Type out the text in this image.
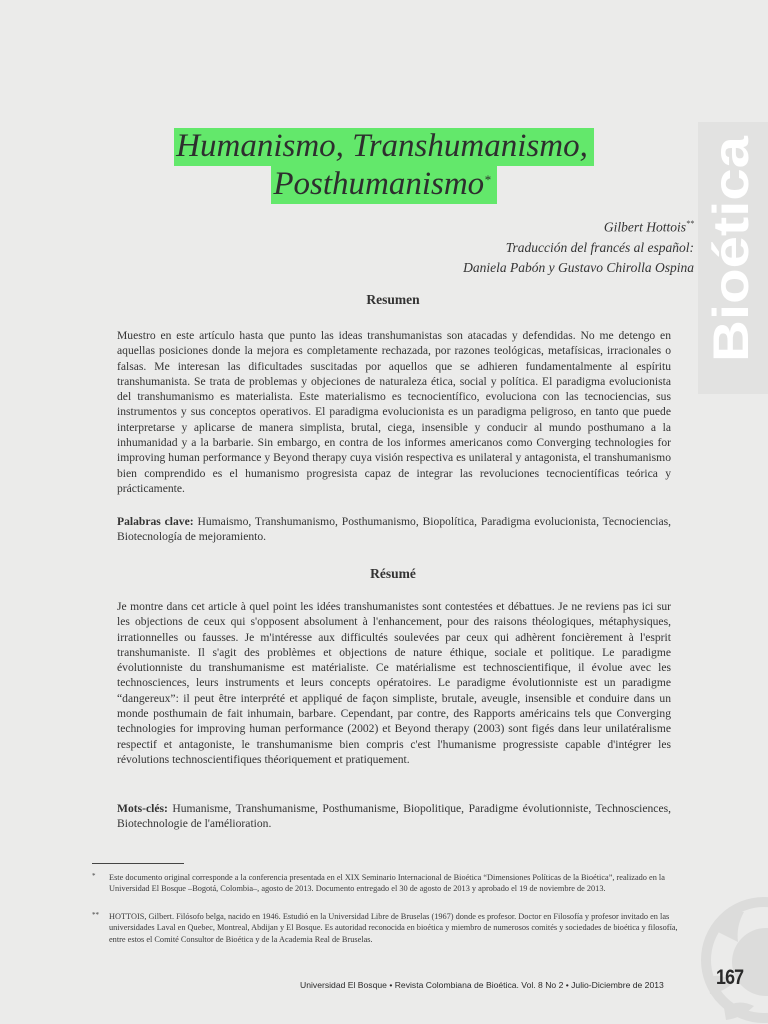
Bioética
Humanismo, Transhumanismo,
Posthumanismo*
Gilbert Hottois**
Traducción del francés al español:
Daniela Pabón y Gustavo Chirolla Ospina
Resumen
Muestro en este artículo hasta que punto las ideas transhumanistas son atacadas y defendidas. No me detengo en aquellas posiciones donde la mejora es completamente rechazada, por razones teológicas, metafísicas, irracionales o falsas. Me interesan las dificultades suscitadas por aquellos que se adhieren fundamentalmente al espíritu transhumanista. Se trata de problemas y objeciones de naturaleza ética, social y política. El paradigma evolucionista del transhumanismo es materialista. Este materialismo es tecnocientífico, evoluciona con las tecnociencias, sus instrumentos y sus conceptos operativos. El paradigma evolucionista es un paradigma peligroso, en tanto que puede interpretarse y aplicarse de manera simplista, brutal, ciega, insensible y conducir al mundo posthumano a la inhumanidad y a la barbarie. Sin embargo, en contra de los informes americanos como Converging technologies for improving human performance y Beyond therapy cuya visión respectiva es unilateral y antagonista, el transhumanismo bien comprendido es el humanismo progresista capaz de integrar las revoluciones tecnocientíficas teórica y prácticamente.
Palabras clave: Humaismo, Transhumanismo, Posthumanismo, Biopolítica, Paradigma evolucionista, Tecnociencias, Biotecnología de mejoramiento.
Résumé
Je montre dans cet article à quel point les idées transhumanistes sont contestées et débattues. Je ne reviens pas ici sur les objections de ceux qui s'opposent absolument à l'enhancement, pour des raisons théologiques, métaphysiques, irrationnelles ou fausses. Je m'intéresse aux difficultés soulevées par ceux qui adhèrent foncièrement à l'esprit transhumaniste. Il s'agit des problèmes et objections de nature éthique, sociale et politique. Le paradigme évolutionniste du transhumanisme est matérialiste. Ce matérialisme est technoscientifique, il évolue avec les technosciences, leurs instruments et leurs concepts opératoires. Le paradigme évolutionniste est un paradigme “dangereux”: il peut être interprété et appliqué de façon simpliste, brutale, aveugle, insensible et conduire dans un monde posthumain de fait inhumain, barbare. Cependant, par contre, des Rapports américains tels que Converging technologies for improving human performance (2002) et Beyond therapy (2003) sont figés dans leur unilatéralisme respectif et antagoniste, le transhumanisme bien compris c'est l'humanisme progressiste capable d'intégrer les révolutions technoscientifiques théoriquement et pratiquement.
Mots-clés: Humanisme, Transhumanisme, Posthumanisme, Biopolitique, Paradigme évolutionniste, Technosciences, Biotechnologie de l'amélioration.
* Este documento original corresponde a la conferencia presentada en el XIX Seminario Internacional de Bioética “Dimensiones Políticas de la Bioética”, realizado en la Universidad El Bosque –Bogotá, Colombia–, agosto de 2013. Documento entregado el 30 de agosto de 2013 y aprobado el 19 de noviembre de 2013.
** HOTTOIS, Gilbert. Filósofo belga, nacido en 1946. Estudió en la Universidad Libre de Bruselas (1967) donde es profesor. Doctor en Filosofía y profesor invitado en las universidades Laval en Quebec, Montreal, Abdijan y El Bosque. Es autoridad reconocida en bioética y miembro de numerosos comités y sociedades de bioética y filosofía, entre estos el Comité Consultor de Bioética y de la Academia Real de Bruselas.
Universidad El Bosque • Revista Colombiana de Bioética. Vol. 8 No 2 • Julio-Diciembre de 2013 167
